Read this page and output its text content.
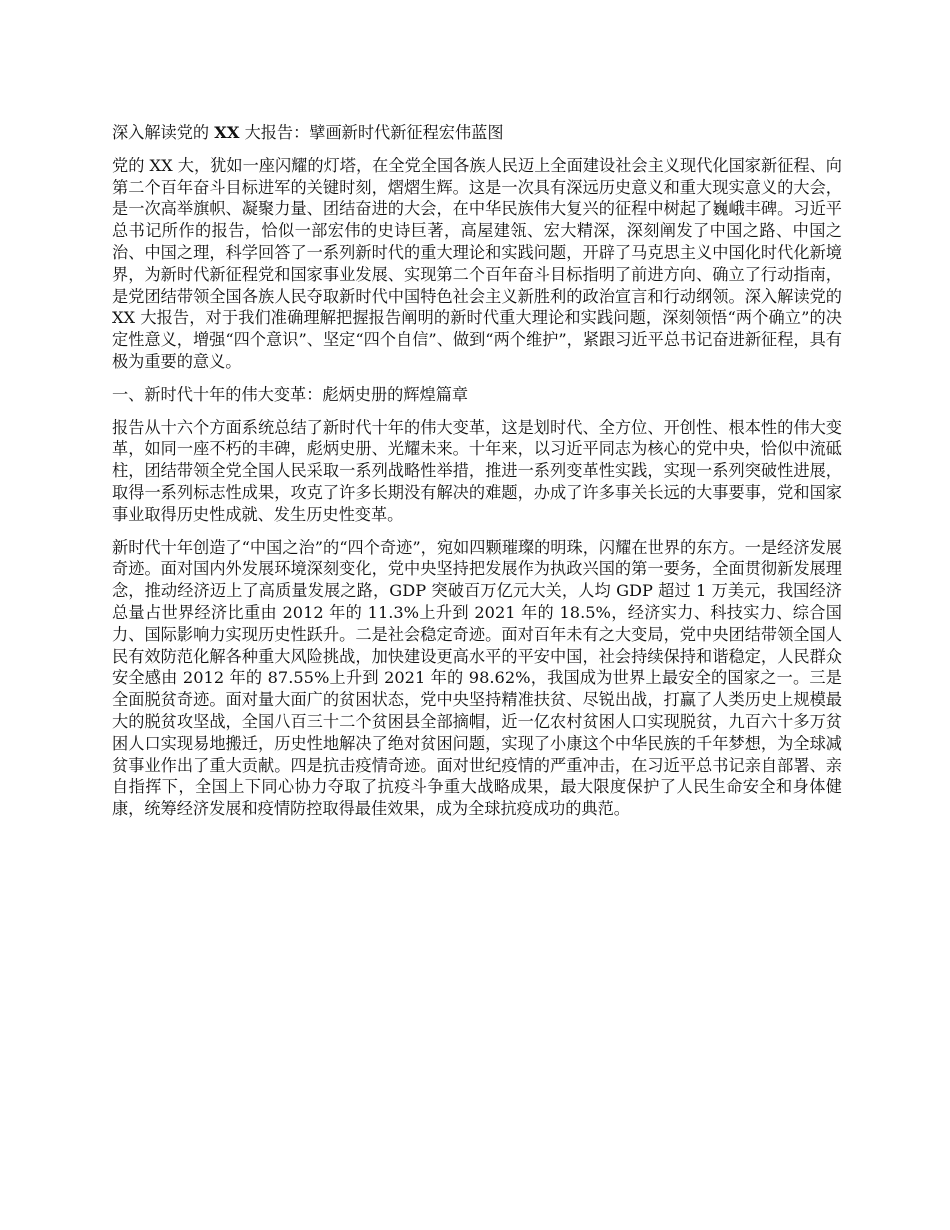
深入解读党的 XX 大报告：擘画新时代新征程宏伟蓝图

党的 XX 大，犹如一座闪耀的灯塔，在全党全国各族人民迈上全面建设社会主义现代化国家新征程、向第二个百年奋斗目标进军的关键时刻，熠熠生辉。这是一次具有深远历史意义和重大现实意义的大会，是一次高举旗帜、凝聚力量、团结奋进的大会，在中华民族伟大复兴的征程中树起了巍峨丰碑。习近平总书记所作的报告，恰似一部宏伟的史诗巨著，高屋建瓴、宏大精深，深刻阐发了中国之路、中国之治、中国之理，科学回答了一系列新时代的重大理论和实践问题，开辟了马克思主义中国化时代化新境界，为新时代新征程党和国家事业发展、实现第二个百年奋斗目标指明了前进方向、确立了行动指南，是党团结带领全国各族人民夺取新时代中国特色社会主义新胜利的政治宣言和行动纲领。深入解读党的 XX 大报告，对于我们准确理解把握报告阐明的新时代重大理论和实践问题，深刻领悟“两个确立”的决定性意义，增强“四个意识”、坚定“四个自信”、做到“两个维护”，紧跟习近平总书记奋进新征程，具有极为重要的意义。

一、新时代十年的伟大变革：彪炳史册的辉煌篇章

报告从十六个方面系统总结了新时代十年的伟大变革，这是划时代、全方位、开创性、根本性的伟大变革，如同一座不朽的丰碑，彪炳史册、光耀未来。十年来，以习近平同志为核心的党中央，恰似中流砥柱，团结带领全党全国人民采取一系列战略性举措，推进一系列变革性实践，实现一系列突破性进展，取得一系列标志性成果，攻克了许多长期没有解决的难题，办成了许多事关长远的大事要事，党和国家事业取得历史性成就、发生历史性变革。

新时代十年创造了“中国之治”的“四个奇迹”，宛如四颗璀璨的明珠，闪耀在世界的东方。一是经济发展奇迹。面对国内外发展环境深刻变化，党中央坚持把发展作为执政兴国的第一要务，全面贯彻新发展理念，推动经济迈上了高质量发展之路，GDP 突破百万亿元大关，人均 GDP 超过 1 万美元，我国经济总量占世界经济比重由 2012 年的 11.3%上升到 2021 年的 18.5%，经济实力、科技实力、综合国力、国际影响力实现历史性跃升。二是社会稳定奇迹。面对百年未有之大变局，党中央团结带领全国人民有效防范化解各种重大风险挑战，加快建设更高水平的平安中国，社会持续保持和谐稳定，人民群众安全感由 2012 年的 87.55%上升到 2021 年的 98.62%，我国成为世界上最安全的国家之一。三是全面脱贫奇迹。面对量大面广的贫困状态，党中央坚持精准扶贫、尽锐出战，打赢了人类历史上规模最大的脱贫攻坚战，全国八百三十二个贫困县全部摘帽，近一亿农村贫困人口实现脱贫，九百六十多万贫困人口实现易地搬迁，历史性地解决了绝对贫困问题，实现了小康这个中华民族的千年梦想，为全球减贫事业作出了重大贡献。四是抗击疫情奇迹。面对世纪疫情的严重冲击，在习近平总书记亲自部署、亲自指挥下，全国上下同心协力夺取了抗疫斗争重大战略成果，最大限度保护了人民生命安全和身体健康，统筹经济发展和疫情防控取得最佳效果，成为全球抗疫成功的典范。
